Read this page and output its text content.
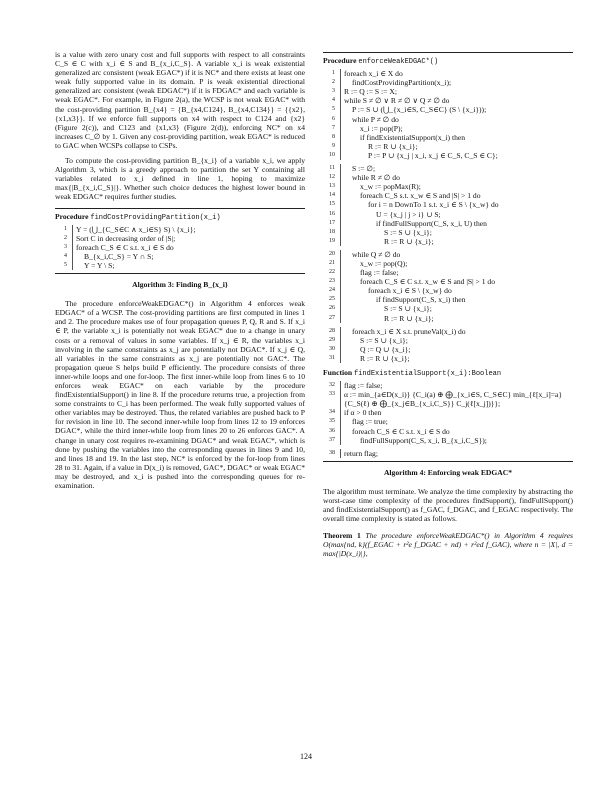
is a value with zero unary cost and full supports with respect to all constraints C_S ∈ C with x_i ∈ S and B_{x_i,C_S}. A variable x_i is weak existential generalized arc consistent (weak EGAC*) if it is NC* and there exists at least one weak fully supported value in its domain. P is weak existential directional generalized arc consistent (weak EDGAC*) if it is FDGAC* and each variable is weak EGAC*. For example, in Figure 2(a), the WCSP is not weak EGAC* with the cost-providing partition B_{x4} = {B_{x4,C124}, B_{x4,C134}} = {{x2},{x1,x3}}. If we enforce full supports on x4 with respect to C124 and {x2} (Figure 2(c)), and C123 and {x1,x3} (Figure 2(d)), enforcing NC* on x4 increases C_∅ by 1. Given any cost-providing partition, weak EGAC* is reduced to GAC when WCSPs collapse to CSPs.

To compute the cost-providing partition B_{x_i} of a variable x_i, we apply Algorithm 3, which is a greedy approach to partition the set Y containing all variables related to x_i defined in line 1, hoping to maximize max{|B_{x_i,C_S}|}. Whether such choice deduces the highest lower bound in weak EDGAC* requires further studies.

Procedure findCostProvidingPartition(x_i)
1	Y = (⋃_{C_S∈C ∧ x_i∈S} S) \ {x_i};
2	Sort C in decreasing order of |S|;
3	foreach C_S ∈ C s.t. x_i ∈ S do
4	B_{x_i,C_S} = Y ∩ S;
5	Y = Y \ S;
Algorithm 3: Finding B_{x_i}

The procedure enforceWeakEDGAC*() in Algorithm 4 enforces weak EDGAC* of a WCSP. The cost-providing partitions are first computed in lines 1 and 2. The procedure makes use of four propagation queues P, Q, R and S. If x_i ∈ P, the variable x_i is potentially not weak EGAC* due to a change in unary costs or a removal of values in some variables. If x_j ∈ R, the variables x_i involving in the same constraints as x_j are potentially not DGAC*. If x_j ∈ Q, all variables in the same constraints as x_j are potentially not GAC*. The propagation queue S helps build P efficiently. The procedure consists of three inner-while loops and one for-loop. The first inner-while loop from lines 6 to 10 enforces weak EGAC* on each variable by the procedure findExistentialSupport() in line 8. If the procedure returns true, a projection from some constraints to C_i has been performed. The weak fully supported values of other variables may be destroyed. Thus, the related variables are pushed back to P for revision in line 10. The second inner-while loop from lines 12 to 19 enforces DGAC*, while the third inner-while loop from lines 20 to 26 enforces GAC*. A change in unary cost requires re-examining DGAC* and weak EGAC*, which is done by pushing the variables into the corresponding queues in lines 9 and 10, and lines 18 and 19. In the last step, NC* is enforced by the for-loop from lines 28 to 31. Again, if a value in D(x_i) is removed, GAC*, DGAC* or weak EGAC* may be destroyed, and x_i is pushed into the corresponding queues for re-examination.

Procedure enforceWeakEDGAC*()
1	foreach x_i ∈ X do
2	findCostProvidingPartition(x_i);
3	R := Q := S := X;
4	while S ≠ ∅ ∨ R ≠ ∅ ∨ Q ≠ ∅ do
5	P := S ∪ (⋃_{x_i∈S, C_S∈C} (S \ {x_i}));
6	while P ≠ ∅ do
7	x_i := pop(P);
8	if findExistentialSupport(x_i) then
9	R := R ∪ {x_i};
10	P := P ∪ {x_j | x_i, x_j ∈ C_S, C_S ∈ C};
11	S := ∅;
12	while R ≠ ∅ do
13	x_w := popMax(R);
14	foreach C_S s.t. x_w ∈ S and |S| > 1 do
15	for i = n DownTo 1 s.t. x_i ∈ S \ {x_w} do
16	U = {x_j | j > i} ∪ S;
17	if findFullSupport(C_S, x_i, U) then
18	S := S ∪ {x_i};
19	R := R ∪ {x_i};
20	while Q ≠ ∅ do
21	x_w := pop(Q);
22	flag := false;
23	foreach C_S ∈ C s.t. x_w ∈ S and |S| > 1 do
24	foreach x_i ∈ S \ {x_w} do
25	if findSupport(C_S, x_i) then
26	S := S ∪ {x_i};
27	R := R ∪ {x_i};
28	foreach x_i ∈ X s.t. pruneVal(x_i) do
29	S := S ∪ {x_i};
30	Q := Q ∪ {x_i};
31	R := R ∪ {x_i};
Function findExistentialSupport(x_i):Boolean
32	flag := false;
33	α := min_{a∈D(x_i)} {C_i(a) ⊕ ⨁_{x_i∈S, C_S∈C} min_{ℓ[x_i]=a} {C_S(ℓ) ⊕ ⨁_{x_j∈B_{x_i,C_S}} C_j(ℓ[x_j])}};
34	if α > 0 then
35	flag := true;
36	foreach C_S ∈ C s.t. x_i ∈ S do
37	findFullSupport(C_S, x_i, B_{x_i,C_S});
38	return flag;
Algorithm 4: Enforcing weak EDGAC*

The algorithm must terminate. We analyze the time complexity by abstracting the worst-case time complexity of the procedures findSupport(), findFullSupport() and findExistentialSupport() as f_GAC, f_DGAC, and f_EGAC respectively. The overall time complexity is stated as follows.

Theorem 1 The procedure enforceWeakEDGAC*() in Algorithm 4 requires O(max{nd, k}(f_EGAC + r²e f_DGAC + nd) + r²ed f_GAC), where n = |X|, d = max{|D(x_i)|},

124
